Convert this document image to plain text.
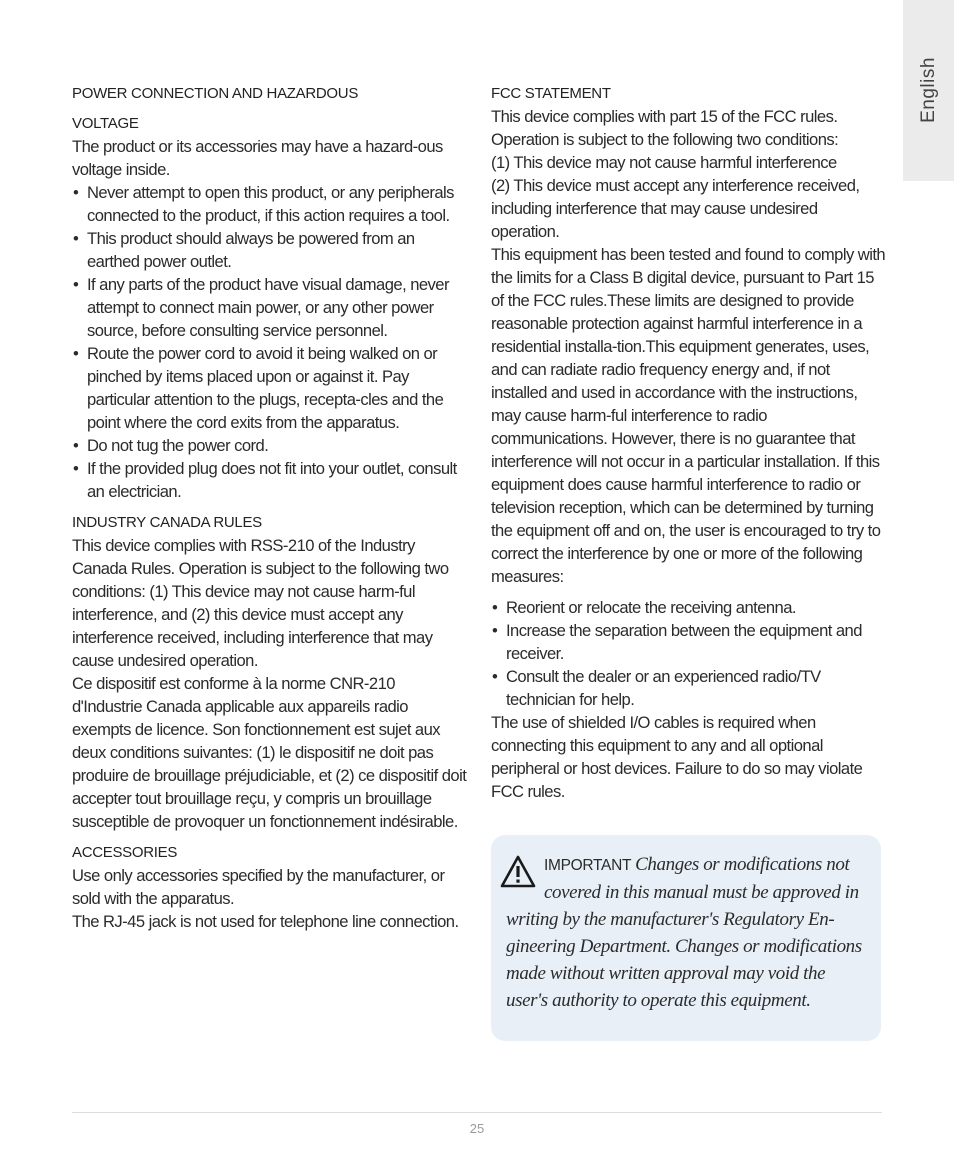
English

POWER CONNECTION AND HAZARDOUS

VOLTAGE

The product or its accessories may have a hazard-ous voltage inside.

• Never attempt to open this product, or any peripherals connected to the product, if this action requires a tool.
• This product should always be powered from an earthed power outlet.
• If any parts of the product have visual damage, never attempt to connect main power, or any other power source, before consulting service personnel.
• Route the power cord to avoid it being walked on or pinched by items placed upon or against it. Pay particular attention to the plugs, recepta-cles and the point where the cord exits from the apparatus.
• Do not tug the power cord.
• If the provided plug does not fit into your outlet, consult an electrician.

INDUSTRY CANADA RULES

This device complies with RSS-210 of the Industry Canada Rules. Operation is subject to the following two conditions: (1) This device may not cause harm-ful interference, and (2) this device must accept any interference received, including interference that may cause undesired operation.

Ce dispositif est conforme à la norme CNR-210 d'Industrie Canada applicable aux appareils radio exempts de licence. Son fonctionnement est sujet aux deux conditions suivantes: (1) le dispositif ne doit pas produire de brouillage préjudiciable, et (2) ce dispositif doit accepter tout brouillage reçu, y compris un brouillage susceptible de provoquer un fonctionnement indésirable.

ACCESSORIES

Use only accessories specified by the manufacturer, or sold with the apparatus.

The RJ-45 jack is not used for telephone line connection.

FCC STATEMENT

This device complies with part 15 of the FCC rules.

Operation is subject to the following two conditions:

(1) This device may not cause harmful interference

(2) This device must accept any interference received, including interference that may cause undesired operation.

This equipment has been tested and found to comply with the limits for a Class B digital device, pursuant to Part 15 of the FCC rules.These limits are designed to provide reasonable protection against harmful interference in a residential installa-tion.This equipment generates, uses, and can radiate radio frequency energy and, if not installed and used in accordance with the instructions, may cause harm-ful interference to radio communications. However, there is no guarantee that interference will not occur in a particular installation. If this equipment does cause harmful interference to radio or television reception, which can be determined by turning the equipment off and on, the user is encouraged to try to correct the interference by one or more of the following measures:

• Reorient or relocate the receiving antenna.
• Increase the separation between the equipment and receiver.
• Consult the dealer or an experienced radio/TV technician for help.

The use of shielded I/O cables is required when connecting this equipment to any and all optional peripheral or host devices. Failure to do so may violate FCC rules.

IMPORTANT Changes or modifications not covered in this manual must be approved in writing by the manufacturer's Regulatory En-gineering Department. Changes or modifications made without written approval may void the user's authority to operate this equipment.
25
